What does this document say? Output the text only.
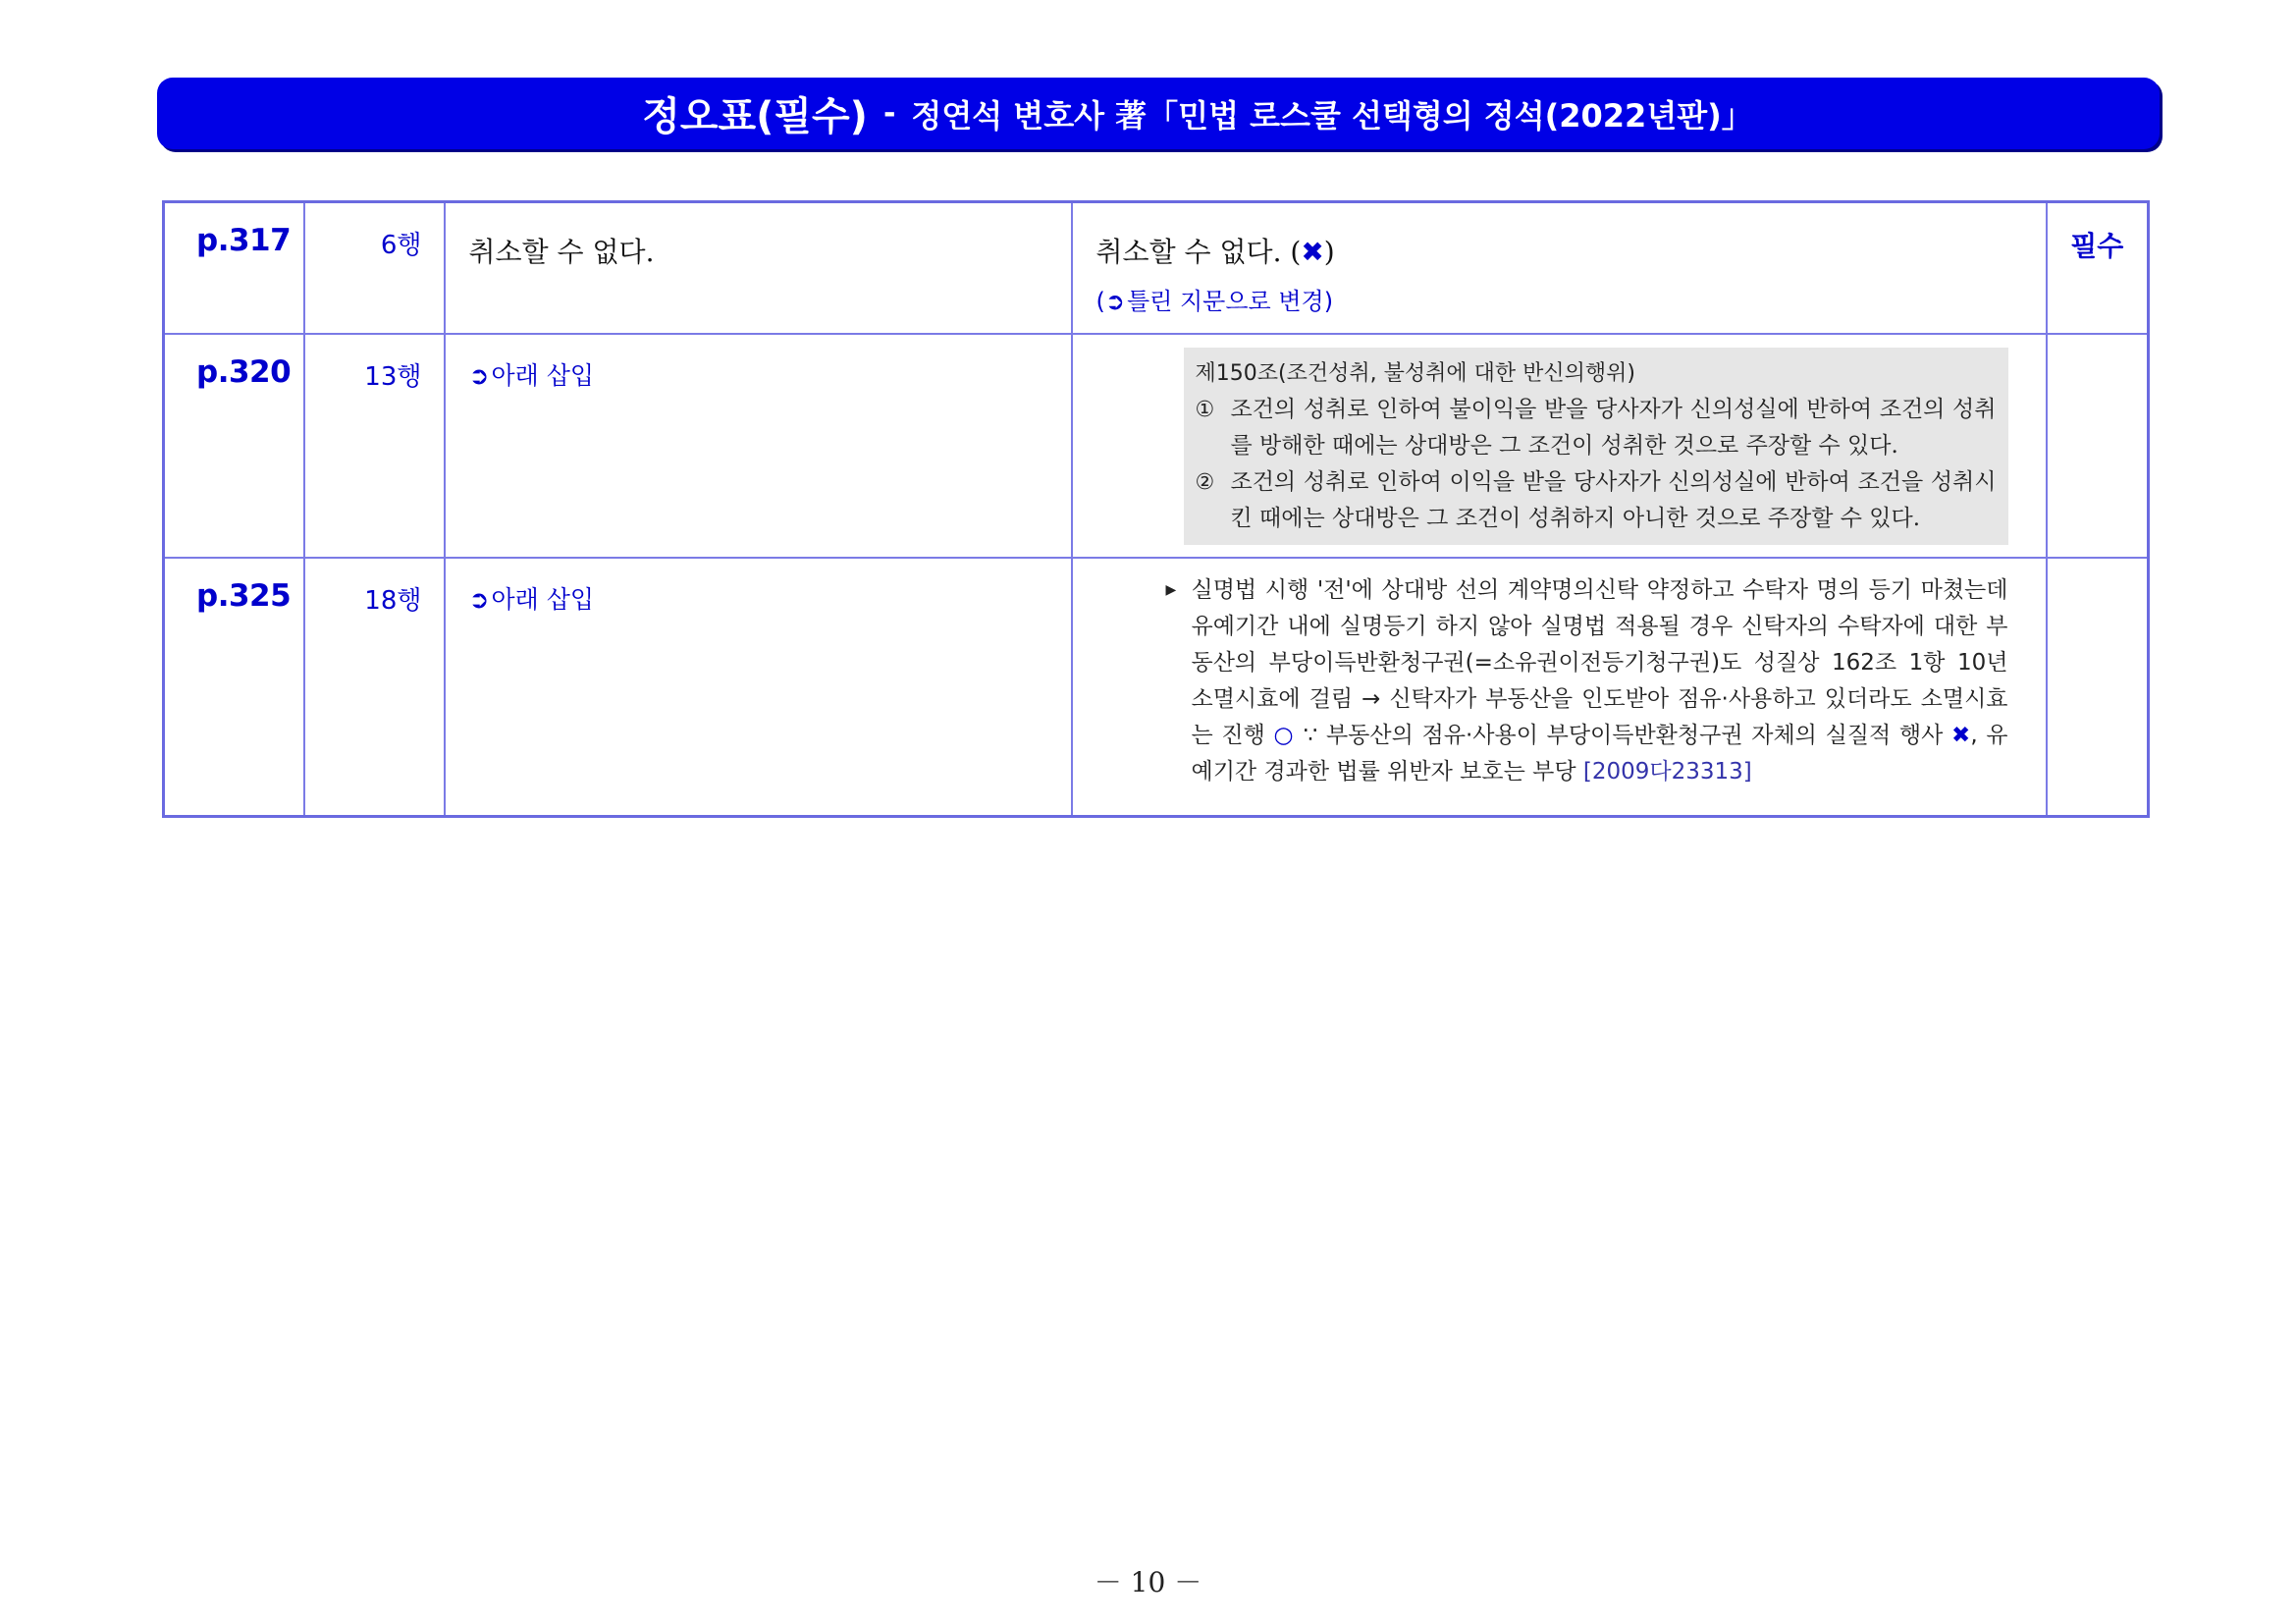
정오표(필수) - 정연석 변호사 著「민법 로스쿨 선택형의 정석(2022년판)」
p.317	6행	취소할 수 없다.	취소할 수 없다. (✖)
(➲틀린 지문으로 변경)	필수

p.320	13행	➲아래 삽입	제150조(조건성취, 불성취에 대한 반신의행위)
① 조건의 성취로 인하여 불이익을 받을 당사자가 신의성실에 반하여 조건의 성취를 방해한 때에는 상대방은 그 조건이 성취한 것으로 주장할 수 있다.
② 조건의 성취로 인하여 이익을 받을 당사자가 신의성실에 반하여 조건을 성취시킨 때에는 상대방은 그 조건이 성취하지 아니한 것으로 주장할 수 있다.	

p.325	18행	➲아래 삽입	▶ 실명법 시행 '전'에 상대방 선의 계약명의신탁 약정하고 수탁자 명의 등기 마쳤는데 유예기간 내에 실명등기 하지 않아 실명법 적용될 경우 신탁자의 수탁자에 대한 부동산의 부당이득반환청구권(=소유권이전등기청구권)도 성질상 162조 1항 10년 소멸시효에 걸림 → 신탁자가 부동산을 인도받아 점유·사용하고 있더라도 소멸시효는 진행 ○ ∵ 부동산의 점유·사용이 부당이득반환청구권 자체의 실질적 행사 ✖, 유예기간 경과한 법률 위반자 보호는 부당 [2009다23313]	

－ 10 －
